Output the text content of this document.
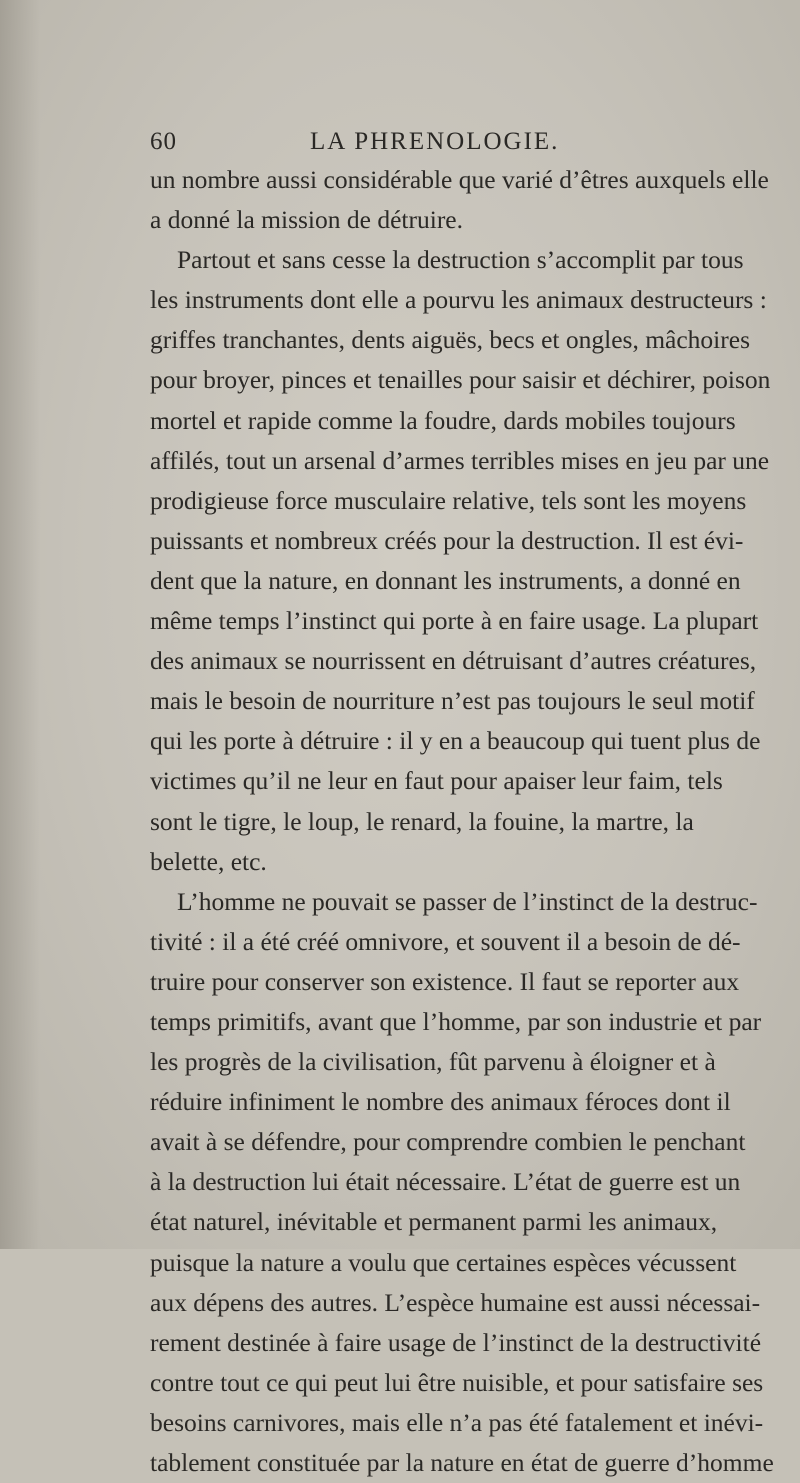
60	LA PHRENOLOGIE.
un nombre aussi considérable que varié d’êtres auxquels elle
a donné la mission de détruire.
Partout et sans cesse la destruction s’accomplit par tous
les instruments dont elle a pourvu les animaux destructeurs :
griffes tranchantes, dents aiguës, becs et ongles, mâchoires
pour broyer, pinces et tenailles pour saisir et déchirer, poison
mortel et rapide comme la foudre, dards mobiles toujours
affilés, tout un arsenal d’armes terribles mises en jeu par une
prodigieuse force musculaire relative, tels sont les moyens
puissants et nombreux créés pour la destruction. Il est évi-
dent que la nature, en donnant les instruments, a donné en
même temps l’instinct qui porte à en faire usage. La plupart
des animaux se nourrissent en détruisant d’autres créatures,
mais le besoin de nourriture n’est pas toujours le seul motif
qui les porte à détruire : il y en a beaucoup qui tuent plus de
victimes qu’il ne leur en faut pour apaiser leur faim, tels
sont le tigre, le loup, le renard, la fouine, la martre, la
belette, etc.
L’homme ne pouvait se passer de l’instinct de la destruc-
tivité : il a été créé omnivore, et souvent il a besoin de dé-
truire pour conserver son existence. Il faut se reporter aux
temps primitifs, avant que l’homme, par son industrie et par
les progrès de la civilisation, fût parvenu à éloigner et à
réduire infiniment le nombre des animaux féroces dont il
avait à se défendre, pour comprendre combien le penchant
à la destruction lui était nécessaire. L’état de guerre est un
état naturel, inévitable et permanent parmi les animaux,
puisque la nature a voulu que certaines espèces vécussent
aux dépens des autres. L’espèce humaine est aussi nécessai-
rement destinée à faire usage de l’instinct de la destructivité
contre tout ce qui peut lui être nuisible, et pour satisfaire ses
besoins carnivores, mais elle n’a pas été fatalement et inévi-
tablement constituée par la nature en état de guerre d’homme
